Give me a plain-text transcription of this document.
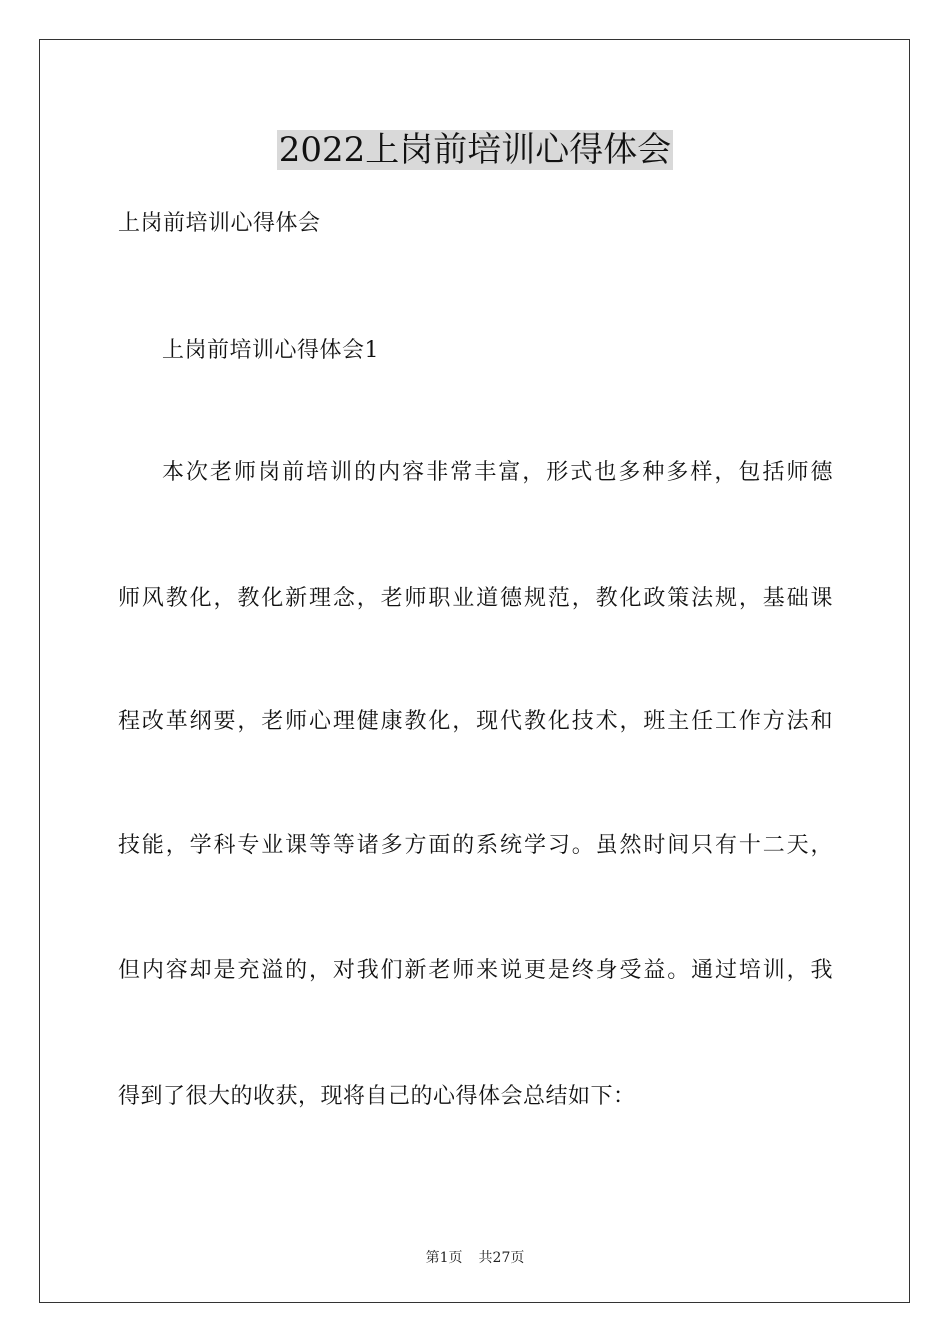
2022上岗前培训心得体会
上岗前培训心得体会
上岗前培训心得体会1
本次老师岗前培训的内容非常丰富，形式也多种多样，包括师德
师风教化，教化新理念，老师职业道德规范，教化政策法规，基础课
程改革纲要，老师心理健康教化，现代教化技术，班主任工作方法和
技能，学科专业课等等诸多方面的系统学习。虽然时间只有十二天，
但内容却是充溢的，对我们新老师来说更是终身受益。通过培训，我
得到了很大的收获，现将自己的心得体会总结如下：
第1页 共27页
